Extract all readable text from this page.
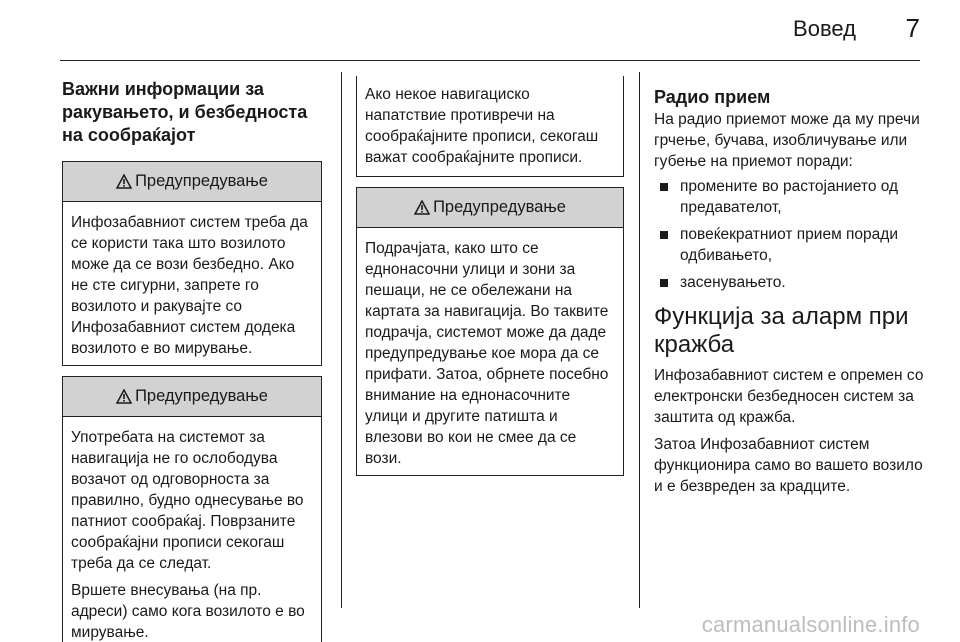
Вовед 7
Важни информации за ракувањето, и безбедноста на сообраќајот
Предупредување

Инфозабавниот систем треба да се користи така што возилото може да се вози безбедно. Ако не сте сигурни, запрете го возилото и ракувајте со Инфозабавниот систем додека возилото е во мирување.

Предупредување

Употребата на системот за навигација не го ослободува возачот од одговорноста за правилно, будно однесување во патниот сообраќај. Поврзаните сообраќајни прописи секогаш треба да се следат.

Вршете внесувања (на пр. адреси) само кога возилото е во мирување.

Ако некое навигациско напатствие противречи на сообраќајните прописи, секогаш важат сообраќајните прописи.

Предупредување

Подрачјата, како што се еднонасочни улици и зони за пешаци, не се обележани на картата за навигација. Во таквите подрачја, системот може да даде предупредување кое мора да се прифати. Затоа, обрнете посебно внимание на еднонасочните улици и другите патишта и влезови во кои не смее да се вози.

Радио прием

На радио приемот може да му пречи грчење, бучава, изобличување или губење на приемот поради:

промените во растојанието од предавателот,
повеќекратниот прием поради одбивањето,
засенувањето.
Функција за аларм при кражба

Инфозабавниот систем е опремен со електронски безбедносен систем за заштита од кражба.

Затоа Инфозабавниот систем функционира само во вашето возило и е безвреден за крадците.

carmanualsonline.info
